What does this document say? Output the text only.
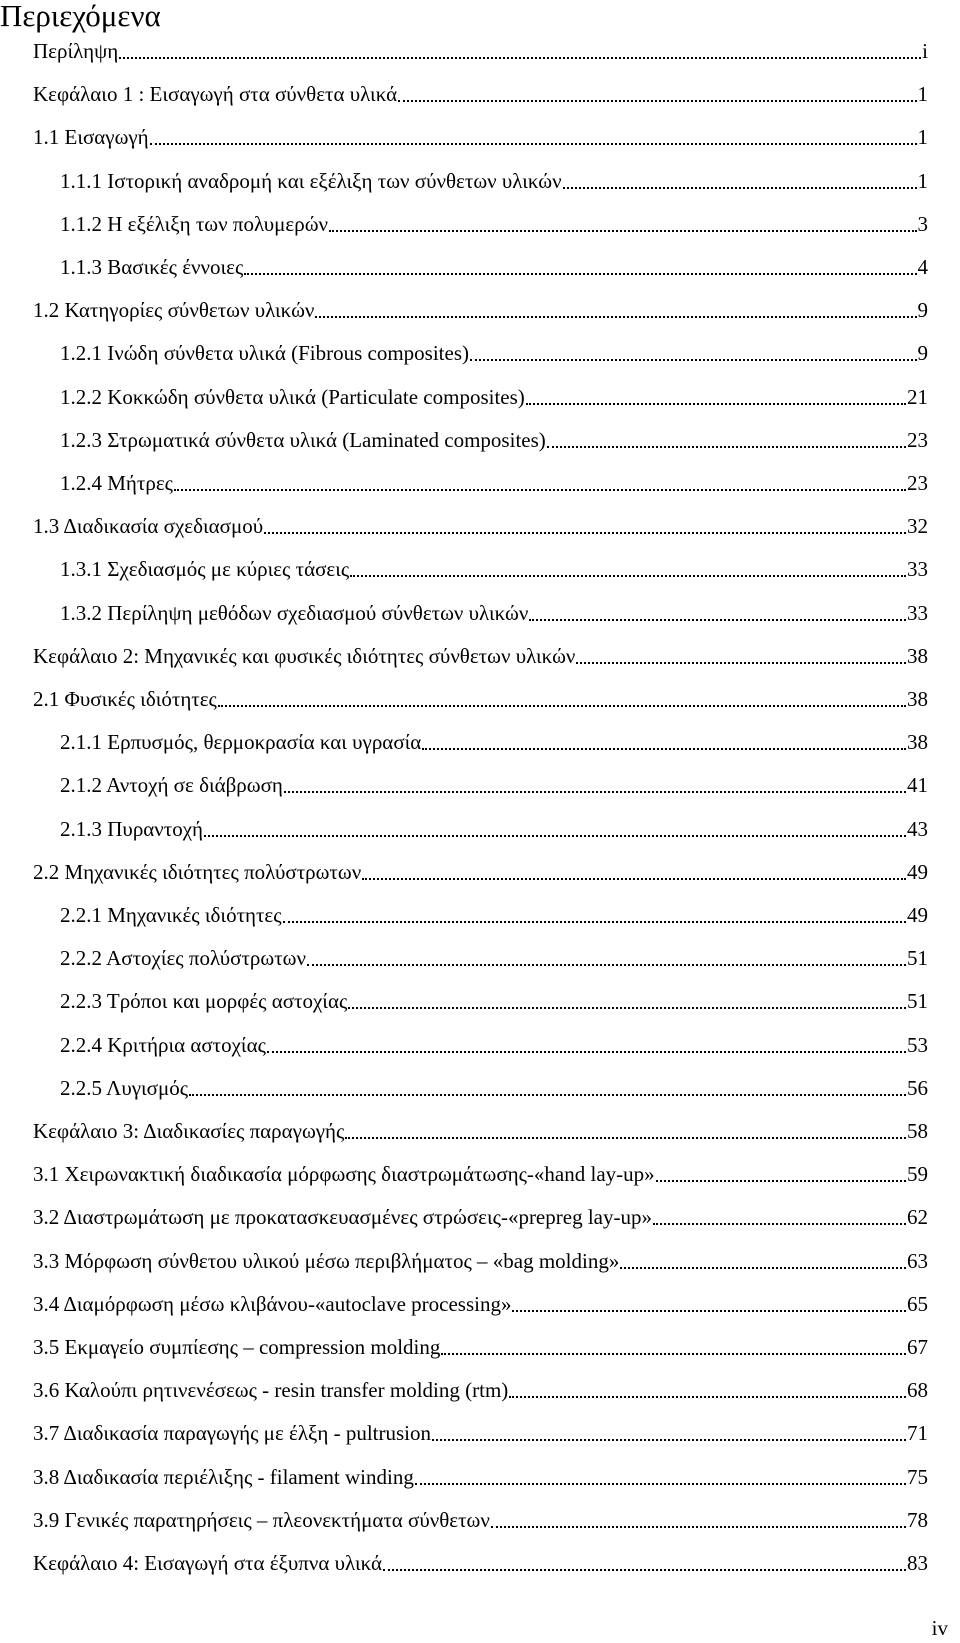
Περιεχόμενα
Περίληψη	i
Κεφάλαιο 1 : Εισαγωγή στα σύνθετα υλικά	1
1.1 Εισαγωγή	1
1.1.1 Ιστορική αναδρομή και εξέλιξη των σύνθετων υλικών	1
1.1.2 Η εξέλιξη των πολυμερών	3
1.1.3 Βασικές έννοιες	4
1.2 Κατηγορίες σύνθετων υλικών	9
1.2.1 Ινώδη σύνθετα υλικά (Fibrous composites)	9
1.2.2 Κοκκώδη σύνθετα υλικά (Particulate composites)	21
1.2.3 Στρωματικά σύνθετα υλικά (Laminated composites)	23
1.2.4 Μήτρες	23
1.3 Διαδικασία σχεδιασμού	32
1.3.1 Σχεδιασμός με κύριες τάσεις	33
1.3.2 Περίληψη μεθόδων σχεδιασμού σύνθετων υλικών	33
Κεφάλαιο 2: Μηχανικές και φυσικές ιδιότητες σύνθετων υλικών	38
2.1 Φυσικές ιδιότητες	38
2.1.1 Ερπυσμός, θερμοκρασία και υγρασία	38
2.1.2 Αντοχή σε διάβρωση	41
2.1.3 Πυραντοχή	43
2.2 Μηχανικές ιδιότητες πολύστρωτων	49
2.2.1 Μηχανικές ιδιότητες	49
2.2.2 Αστοχίες πολύστρωτων	51
2.2.3 Τρόποι και μορφές αστοχίας	51
2.2.4 Κριτήρια αστοχίας	53
2.2.5 Λυγισμός	56
Κεφάλαιο 3: Διαδικασίες παραγωγής	58
3.1 Χειρωνακτική διαδικασία μόρφωσης διαστρωμάτωσης-«hand lay-up»	59
3.2 Διαστρωμάτωση με προκατασκευασμένες στρώσεις-«prepreg lay-up»	62
3.3 Μόρφωση σύνθετου υλικού μέσω περιβλήματος – «bag molding»	63
3.4 Διαμόρφωση μέσω κλιβάνου-«autoclave processing»	65
3.5 Εκμαγείο συμπίεσης – compression molding	67
3.6 Καλούπι ρητινενέσεως - resin transfer molding (rtm)	68
3.7 Διαδικασία παραγωγής με έλξη - pultrusion	71
3.8 Διαδικασία περιέλιξης - filament winding	75
3.9 Γενικές παρατηρήσεις – πλεονεκτήματα σύνθετων	78
Κεφάλαιο 4: Εισαγωγή στα έξυπνα υλικά	83
iv
